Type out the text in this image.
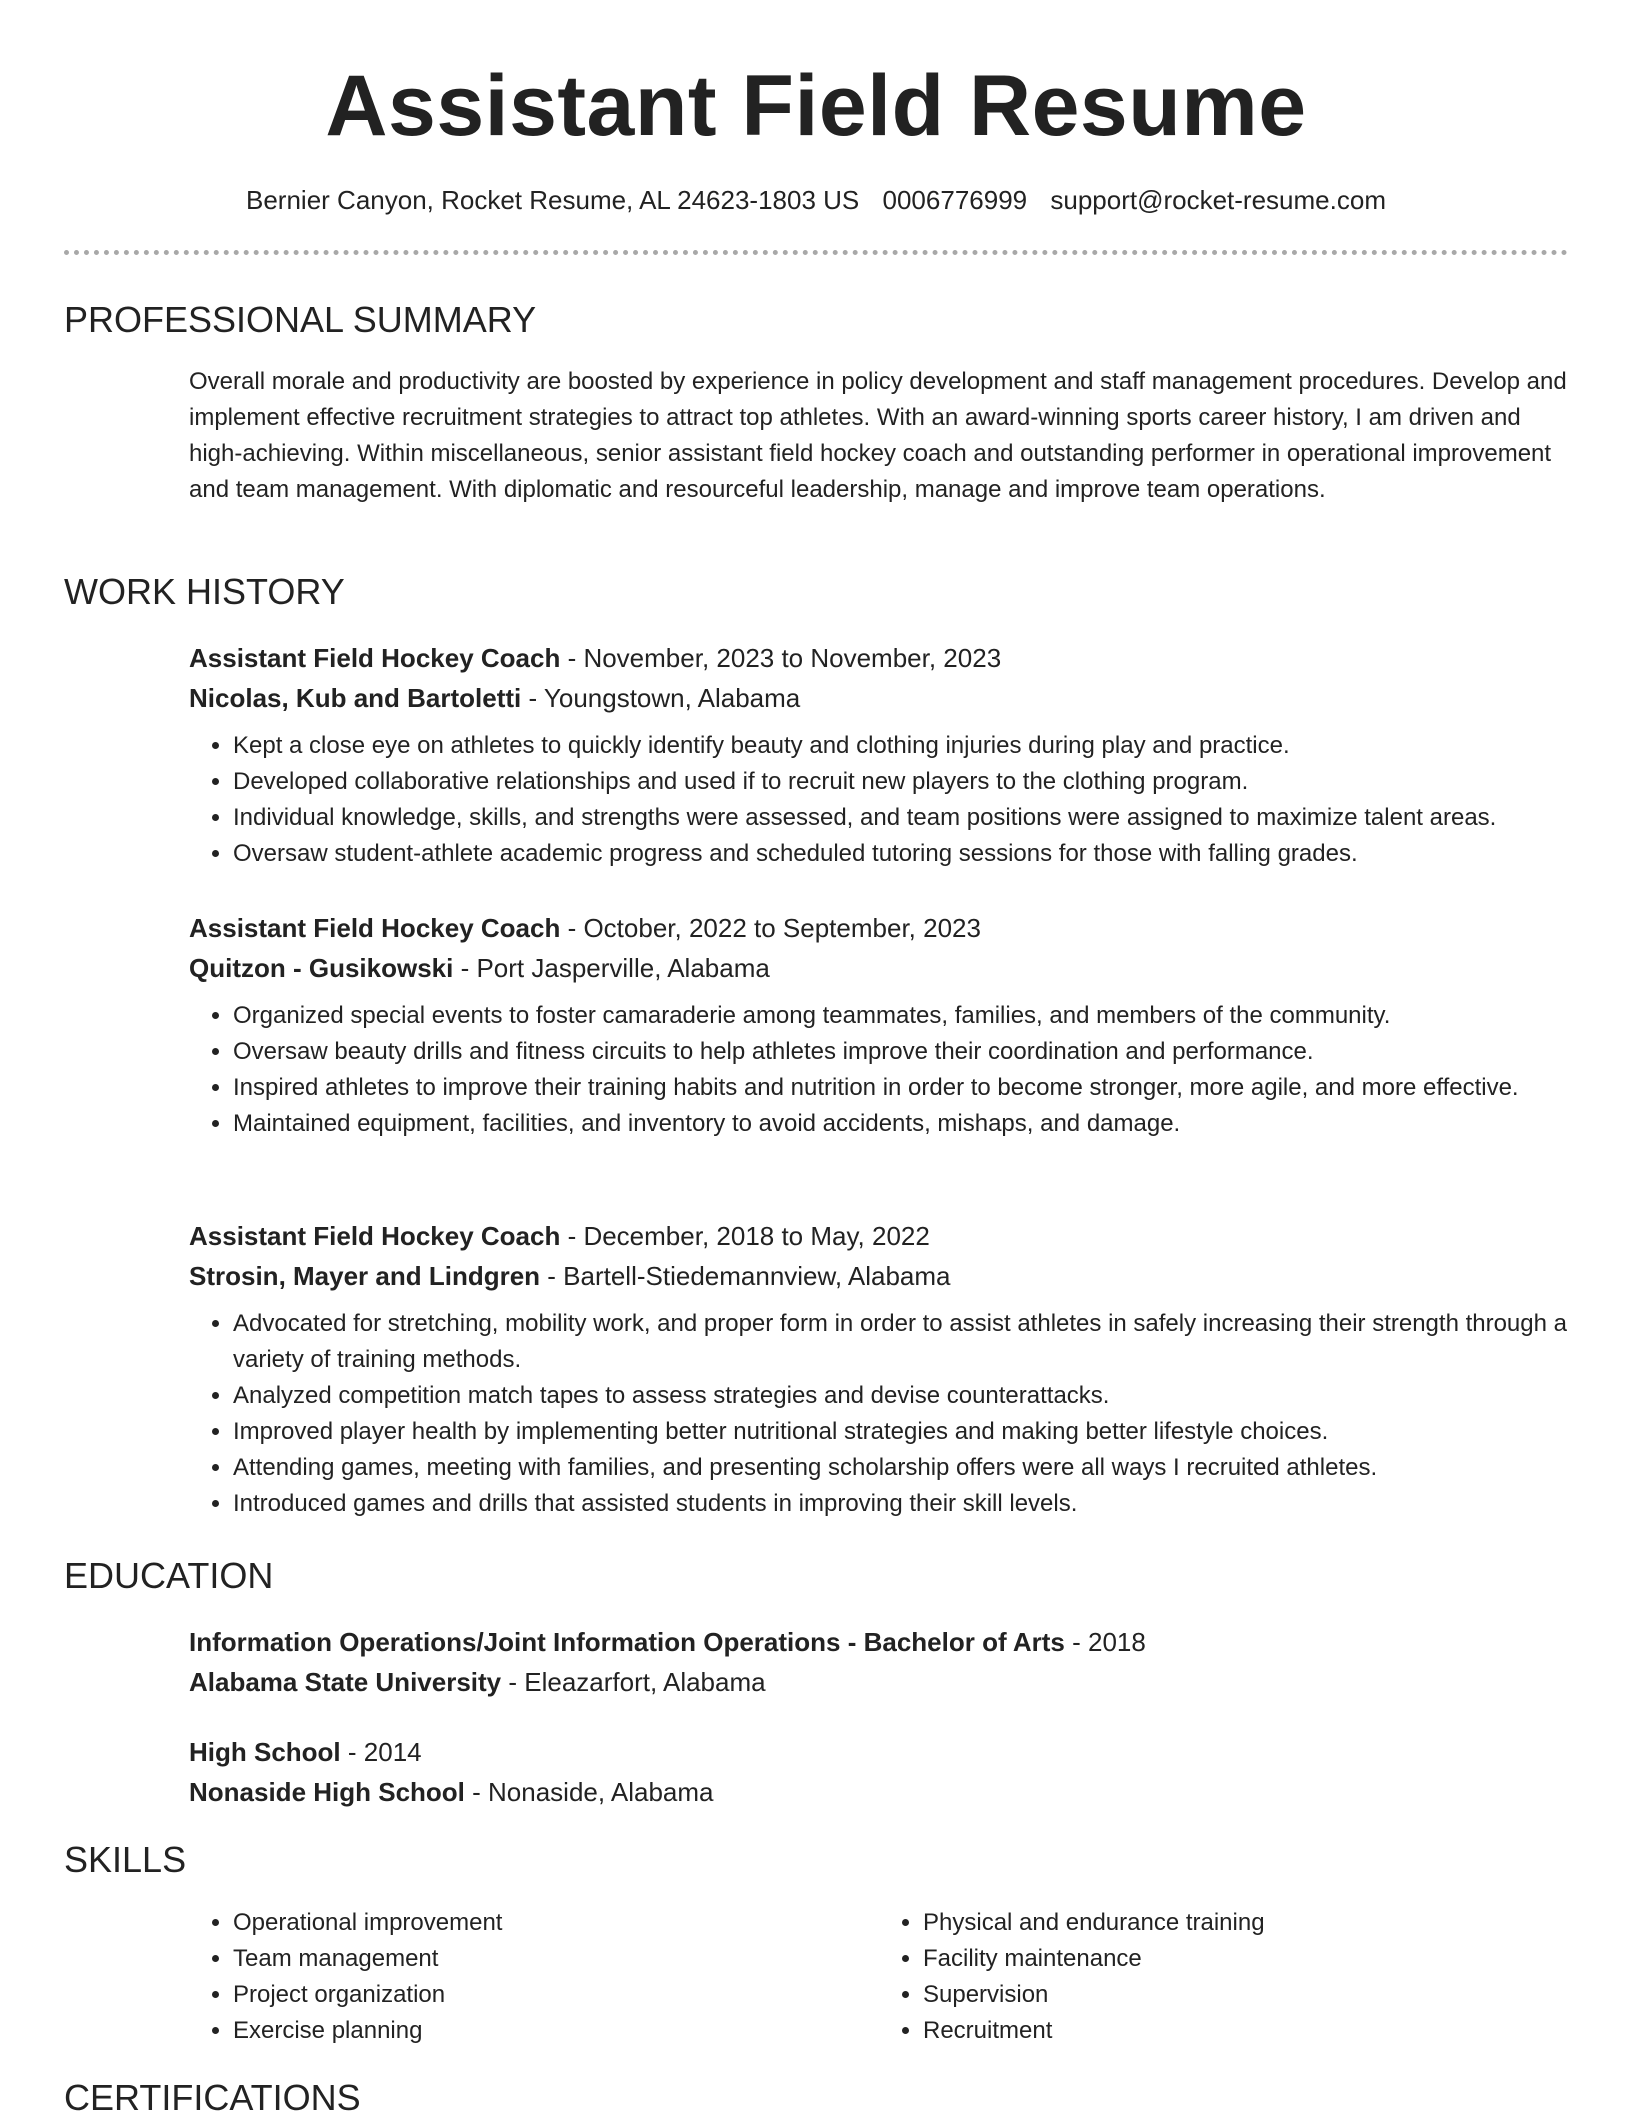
Assistant Field Resume
Bernier Canyon, Rocket Resume, AL 24623-1803 US 0006776999 support@rocket-resume.com
PROFESSIONAL SUMMARY

Overall morale and productivity are boosted by experience in policy development and staff management procedures. Develop and implement effective recruitment strategies to attract top athletes. With an award-winning sports career history, I am driven and high-achieving. Within miscellaneous, senior assistant field hockey coach and outstanding performer in operational improvement and team management. With diplomatic and resourceful leadership, manage and improve team operations.

WORK HISTORY
Assistant Field Hockey Coach - November, 2023 to November, 2023
Nicolas, Kub and Bartoletti - Youngstown, Alabama
• Kept a close eye on athletes to quickly identify beauty and clothing injuries during play and practice.
• Developed collaborative relationships and used if to recruit new players to the clothing program.
• Individual knowledge, skills, and strengths were assessed, and team positions were assigned to maximize talent areas.
• Oversaw student-athlete academic progress and scheduled tutoring sessions for those with falling grades.
Assistant Field Hockey Coach - October, 2022 to September, 2023
Quitzon - Gusikowski - Port Jasperville, Alabama
• Organized special events to foster camaraderie among teammates, families, and members of the community.
• Oversaw beauty drills and fitness circuits to help athletes improve their coordination and performance.
• Inspired athletes to improve their training habits and nutrition in order to become stronger, more agile, and more effective.
• Maintained equipment, facilities, and inventory to avoid accidents, mishaps, and damage.
Assistant Field Hockey Coach - December, 2018 to May, 2022
Strosin, Mayer and Lindgren - Bartell-Stiedemannview, Alabama
• Advocated for stretching, mobility work, and proper form in order to assist athletes in safely increasing their strength through a variety of training methods.
• Analyzed competition match tapes to assess strategies and devise counterattacks.
• Improved player health by implementing better nutritional strategies and making better lifestyle choices.
• Attending games, meeting with families, and presenting scholarship offers were all ways I recruited athletes.
• Introduced games and drills that assisted students in improving their skill levels.
EDUCATION
Information Operations/Joint Information Operations - Bachelor of Arts - 2018
Alabama State University - Eleazarfort, Alabama
High School - 2014
Nonaside High School - Nonaside, Alabama
SKILLS
• Operational improvement
• Team management
• Project organization
• Exercise planning
• Physical and endurance training
• Facility maintenance
• Supervision
• Recruitment
CERTIFICATIONS
